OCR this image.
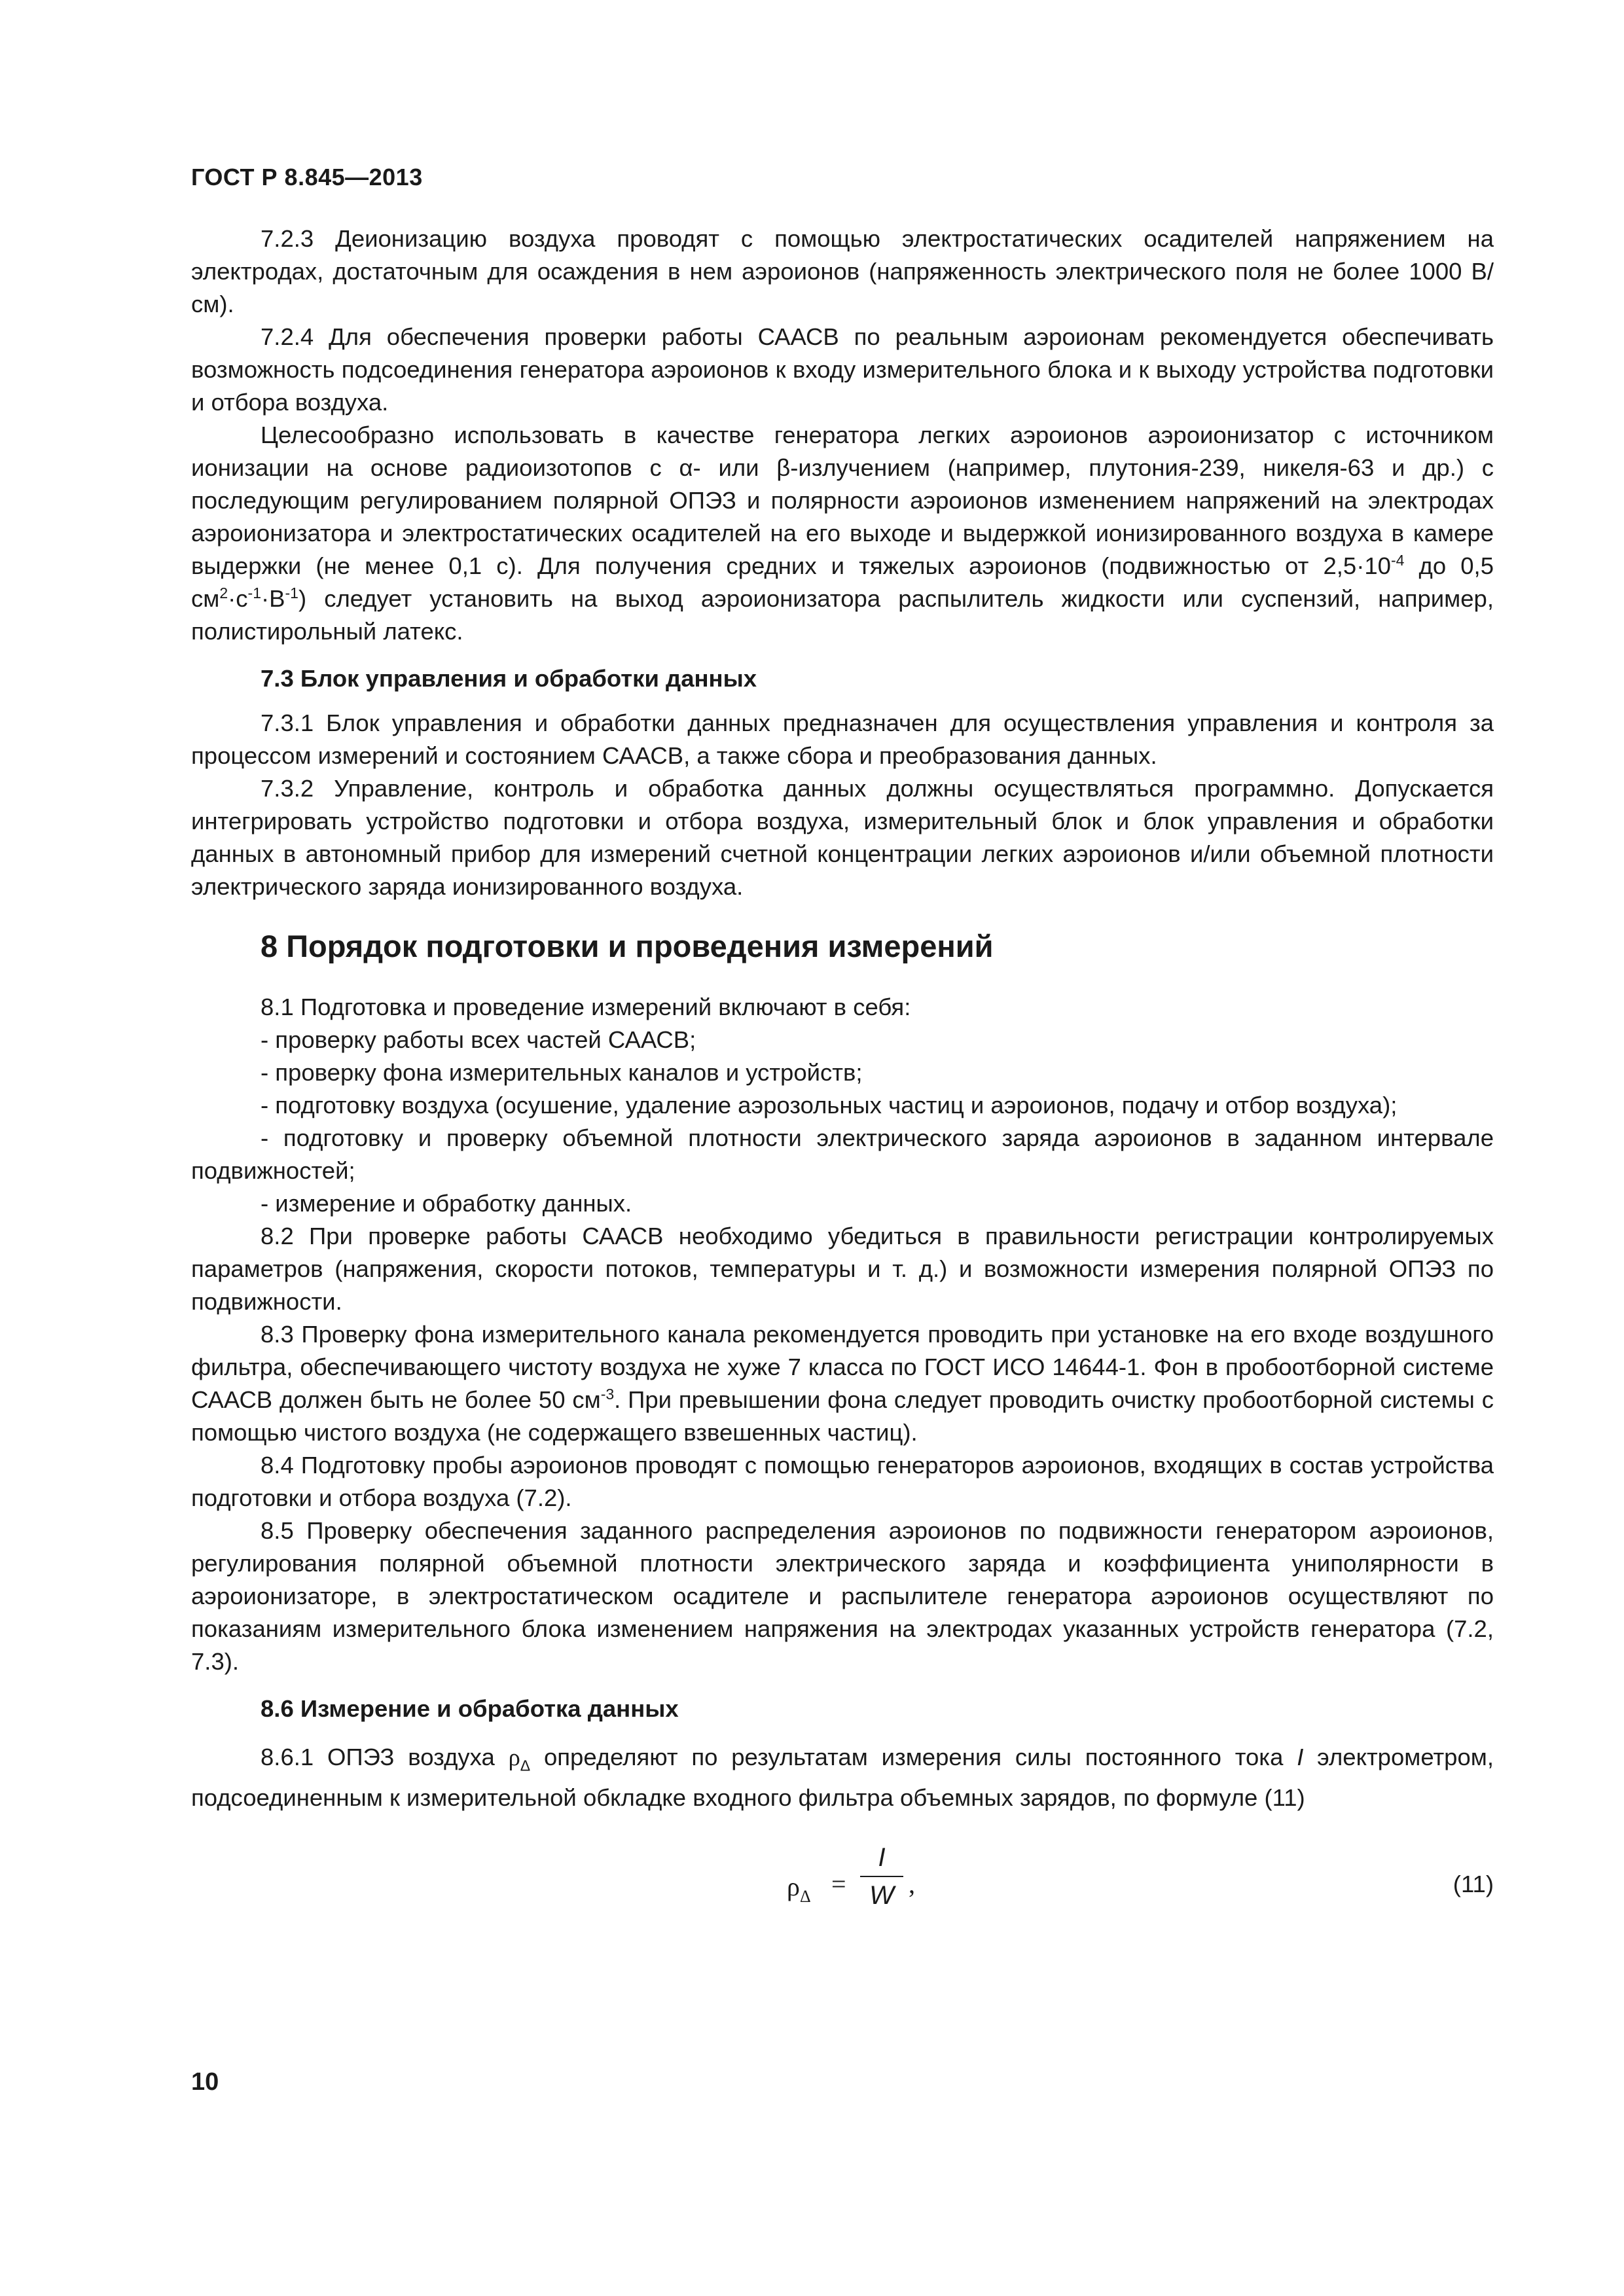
ГОСТ Р 8.845—2013

7.2.3 Деионизацию воздуха проводят с помощью электростатических осадителей напряжением на электродах, достаточным для осаждения в нем аэроионов (напряженность электрического поля не более 1000 В/см).

7.2.4 Для обеспечения проверки работы СААСВ по реальным аэроионам рекомендуется обеспечивать возможность подсоединения генератора аэроионов к входу измерительного блока и к выходу устройства подготовки и отбора воздуха.

Целесообразно использовать в качестве генератора легких аэроионов аэроионизатор с источником ионизации на основе радиоизотопов с α- или β-излучением (например, плутония-239, никеля-63 и др.) с последующим регулированием полярной ОПЭЗ и полярности аэроионов изменением напряжений на электродах аэроионизатора и электростатических осадителей на его выходе и выдержкой ионизированного воздуха в камере выдержки (не менее 0,1 с). Для получения средних и тяжелых аэроионов (подвижностью от $2,5\cdot 10^{-4}$ до 0,5 $см^2\cdot с^{-1}\cdot В^{-1}$) следует установить на выход аэроионизатора распылитель жидкости или суспензий, например, полистирольный латекс.

7.3 Блок управления и обработки данных

7.3.1 Блок управления и обработки данных предназначен для осуществления управления и контроля за процессом измерений и состоянием СААСВ, а также сбора и преобразования данных.

7.3.2 Управление, контроль и обработка данных должны осуществляться программно. Допускается интегрировать устройство подготовки и отбора воздуха, измерительный блок и блок управления и обработки данных в автономный прибор для измерений счетной концентрации легких аэроионов и/или объемной плотности электрического заряда ионизированного воздуха.

8 Порядок подготовки и проведения измерений

8.1 Подготовка и проведение измерений включают в себя:

- проверку работы всех частей СААСВ;

- проверку фона измерительных каналов и устройств;

- подготовку воздуха (осушение, удаление аэрозольных частиц и аэроионов, подачу и отбор воздуха);

- подготовку и проверку объемной плотности электрического заряда аэроионов в заданном интервале подвижностей;

- измерение и обработку данных.

8.2 При проверке работы СААСВ необходимо убедиться в правильности регистрации контролируемых параметров (напряжения, скорости потоков, температуры и т. д.) и возможности измерения полярной ОПЭЗ по подвижности.

8.3 Проверку фона измерительного канала рекомендуется проводить при установке на его входе воздушного фильтра, обеспечивающего чистоту воздуха не хуже 7 класса по ГОСТ ИСО 14644-1. Фон в пробоотборной системе СААСВ должен быть не более 50 $см^{-3}$. При превышении фона следует проводить очистку пробоотборной системы с помощью чистого воздуха (не содержащего взвешенных частиц).

8.4 Подготовку пробы аэроионов проводят с помощью генераторов аэроионов, входящих в состав устройства подготовки и отбора воздуха (7.2).

8.5 Проверку обеспечения заданного распределения аэроионов по подвижности генератором аэроионов, регулирования полярной объемной плотности электрического заряда и коэффициента униполярности в аэроионизаторе, в электростатическом осадителе и распылителе генератора аэроионов осуществляют по показаниям измерительного блока изменением напряжения на электродах указанных устройств генератора (7.2, 7.3).

8.6 Измерение и обработка данных

8.6.1 ОПЭЗ воздуха $\rho_\Delta$ определяют по результатам измерения силы постоянного тока I электрометром, подсоединенным к измерительной обкладке входного фильтра объемных зарядов, по формуле (11)

$\rho_\Delta$ =
I
W ,	(11)
10
